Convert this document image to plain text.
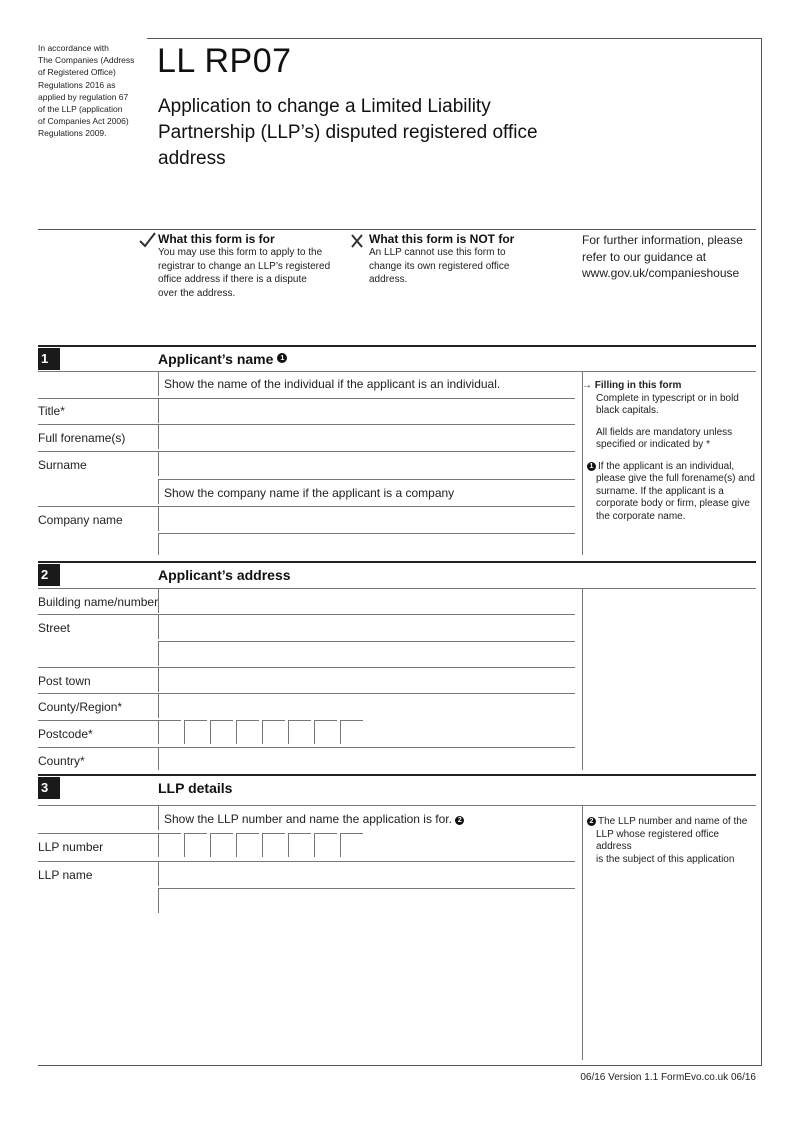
In accordance with
The Companies (Address
of Registered Office)
Regulations 2016 as
applied by regulation 67
of the LLP (application
of Companies Act 2006)
Regulations 2009.
LL RP07
Application to change a Limited Liability
Partnership (LLP’s) disputed registered office
address
What this form is for
You may use this form to apply to the
registrar to change an LLP’s registered
office address if there is a dispute
over the address.
What this form is NOT for
An LLP cannot use this form to
change its own registered office
address.
For further information, please
refer to our guidance at
www.gov.uk/companieshouse
1	Applicant’s name 1
Show the name of the individual if the applicant is an individual.
Title*
Full forename(s)
Surname
Show the company name if the applicant is a company
Company name
→ Filling in this form
Complete in typescript or in bold
black capitals.
All fields are mandatory unless
specified or indicated by *
1 If the applicant is an individual,
please give the full forename(s) and
surname. If the applicant is a
corporate body or firm, please give
the corporate name.
2	Applicant’s address
Building name/number
Street
Post town
County/Region*
Postcode*
Country*
3	LLP details
Show the LLP number and name the application is for. 2
LLP number
LLP name
2 The LLP number and name of the
LLP whose registered office address
is the subject of this application
06/16 Version 1.1 FormEvo.co.uk 06/16
